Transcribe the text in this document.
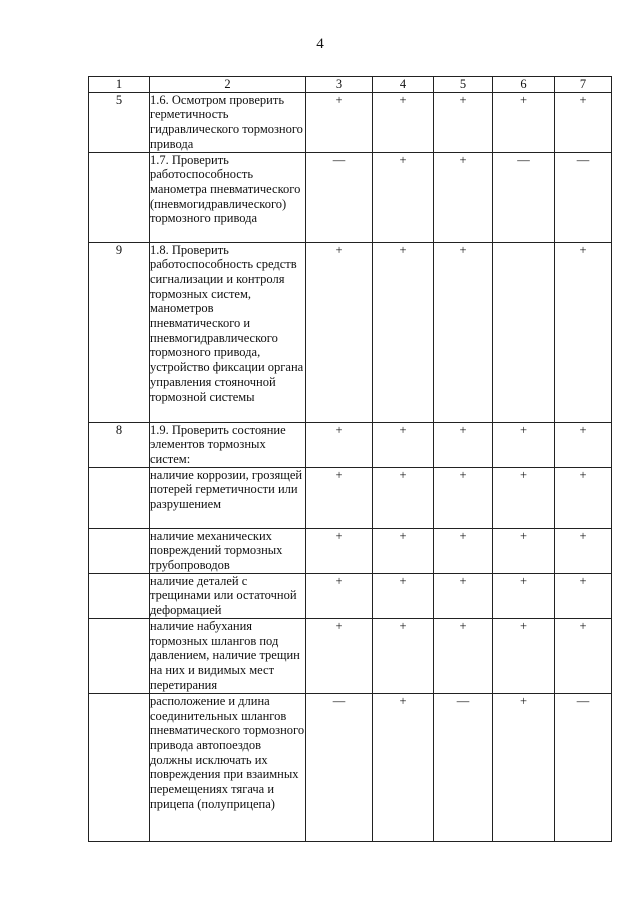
4
1	2	3	4	5	6	7
5	1.6. Осмотром проверить герметичность гидравлического тормозного привода	+	+	+	+	+
	1.7. Проверить работоспособность манометра пневматического (пневмогидравлического) тормозного привода	—	+	+	—	—
9	1.8. Проверить работоспособность средств сигнализации и контроля тормозных систем, манометров пневматического и пневмогидравлического тормозного привода, устройство фиксации органа управления стояночной тормозной системы	+	+	+		+
8	1.9. Проверить состояние элементов тормозных систем:	+	+	+	+	+
	наличие коррозии, грозящей потерей герметичности или разрушением	+	+	+	+	+
	наличие механических повреждений тормозных трубопроводов	+	+	+	+	+
	наличие деталей с трещинами или остаточной деформацией	+	+	+	+	+
	наличие набухания тормозных шлангов под давлением, наличие трещин на них и видимых мест перетирания	+	+	+	+	+
	расположение и длина соединительных шлангов пневматического тормозного привода автопоездов должны исключать их повреждения при взаимных перемещениях тягача и прицепа (полуприцепа)	—	+	—	+	—
